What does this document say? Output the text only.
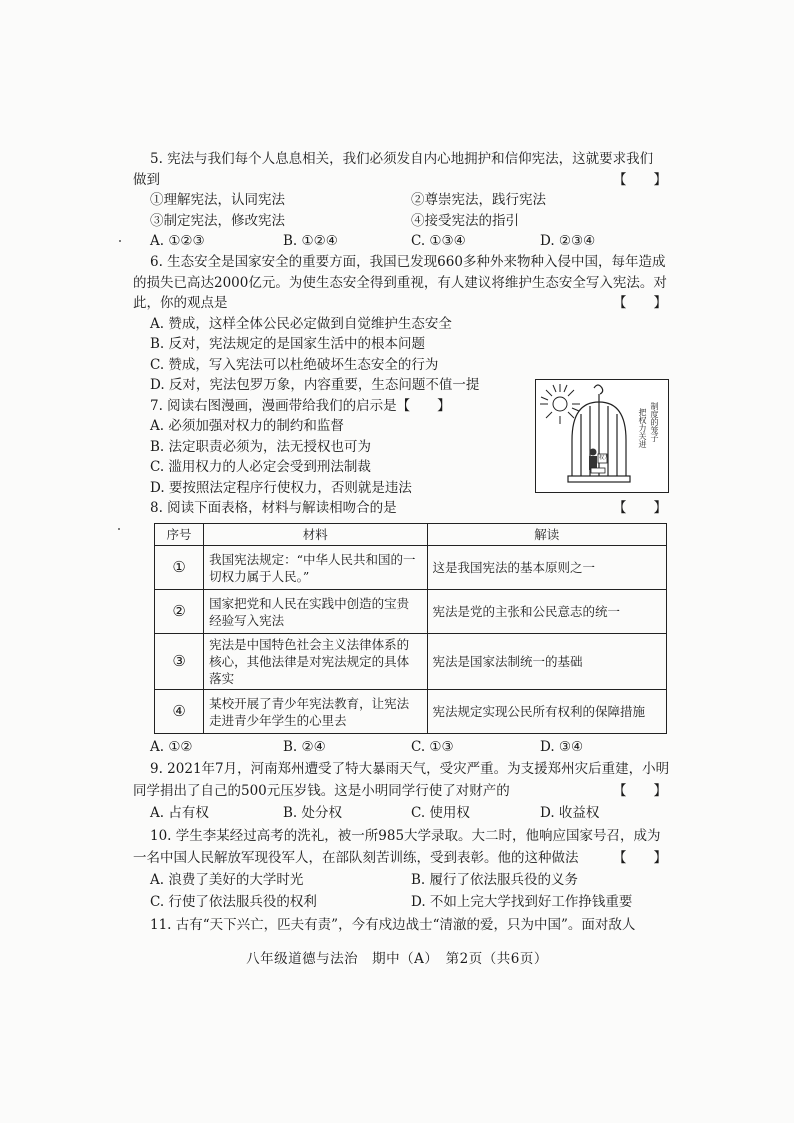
5. 宪法与我们每个人息息相关，我们必须发自内心地拥护和信仰宪法，这就要求我们
做到	【　　】
①理解宪法，认同宪法	②尊崇宪法，践行宪法
③制定宪法，修改宪法	④接受宪法的指引
A. ①②③	B. ①②④	C. ①③④	D. ②③④
6. 生态安全是国家安全的重要方面，我国已发现660多种外来物种入侵中国，每年造成
的损失已高达2000亿元。为使生态安全得到重视，有人建议将维护生态安全写入宪法。对
此，你的观点是	【　　】
A. 赞成，这样全体公民必定做到自觉维护生态安全
B. 反对，宪法规定的是国家生活中的根本问题
C. 赞成，写入宪法可以杜绝破坏生态安全的行为
D. 反对，宪法包罗万象，内容重要，生态问题不值一提
7. 阅读右图漫画，漫画带给我们的启示是【　　】
A. 必须加强对权力的制约和监督
B. 法定职责必须为，法无授权也可为
C. 滥用权力的人必定会受到刑法制裁
D. 要按照法定程序行使权力，否则就是违法
把权力关进 制度的笼子
权力
8. 阅读下面表格，材料与解读相吻合的是	【　　】
序号	材料	解读
①	我国宪法规定：“中华人民共和国的一切权力属于人民。”	这是我国宪法的基本原则之一
②	国家把党和人民在实践中创造的宝贵经验写入宪法	宪法是党的主张和公民意志的统一
③	宪法是中国特色社会主义法律体系的核心，其他法律是对宪法规定的具体落实	宪法是国家法制统一的基础
④	某校开展了青少年宪法教育，让宪法走进青少年学生的心里去	宪法规定实现公民所有权利的保障措施
A. ①②	B. ②④	C. ①③	D. ③④
9. 2021年7月，河南郑州遭受了特大暴雨天气，受灾严重。为支援郑州灾后重建，小明
同学捐出了自己的500元压岁钱。这是小明同学行使了对财产的	【　　】
A. 占有权	B. 处分权	C. 使用权	D. 收益权
10. 学生李某经过高考的洗礼，被一所985大学录取。大二时，他响应国家号召，成为
一名中国人民解放军现役军人，在部队刻苦训练，受到表彰。他的这种做法	【　　】
A. 浪费了美好的大学时光	B. 履行了依法服兵役的义务
C. 行使了依法服兵役的权利	D. 不如上完大学找到好工作挣钱重要
11. 古有“天下兴亡，匹夫有责”，今有戍边战士“清澈的爱，只为中国”。面对敌人
八年级道德与法治　期中（A）　第2页（共6页）
